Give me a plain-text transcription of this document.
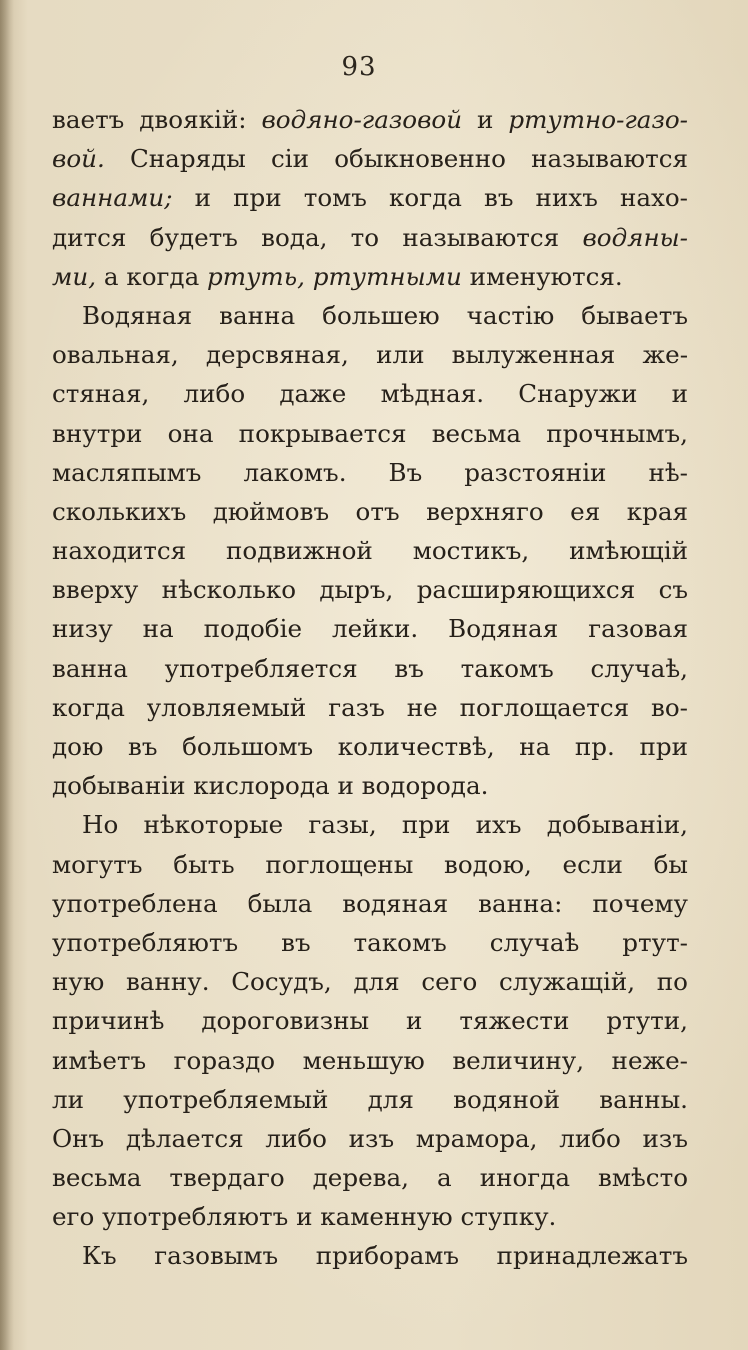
93
ваетъ двоякій: водяно-газовой и ртутно-газо-
вой. Снаряды сіи обыкновенно называются
ваннами; и при томъ когда въ нихъ нахо-
дится будетъ вода, то называются водяны-
ми, а когда ртуть, ртутными именуются.
Водяная ванна большею частію бываетъ
овальная, дерсвяная, или вылуженная же-
стяная, либо даже мѣдная. Снаружи и
внутри она покрывается весьма прочнымъ,
масляпымъ лакомъ. Въ разстояніи нѣ-
сколькихъ дюймовъ отъ верхняго ея края
находится подвижной мостикъ, имѣющій
вверху нѣсколько дыръ, расширяющихся съ
низу на подобіе лейки. Водяная газовая
ванна употребляется въ такомъ случаѣ,
когда уловляемый газъ не поглощается во-
дою въ большомъ количествѣ, на пр. при
добываніи кислорода и водорода.
Но нѣкоторые газы, при ихъ добываніи,
могутъ быть поглощены водою, если бы
употреблена была водяная ванна: почему
употребляютъ въ такомъ случаѣ ртут-
ную ванну. Сосудъ, для сего служащій, по
причинѣ дороговизны и тяжести ртути,
имѣетъ гораздо меньшую величину, неже-
ли употребляемый для водяной ванны.
Онъ дѣлается либо изъ мрамора, либо изъ
весьма твердаго дерева, а иногда вмѣсто
его употребляютъ и каменную ступку.
Къ газовымъ приборамъ принадлежатъ
